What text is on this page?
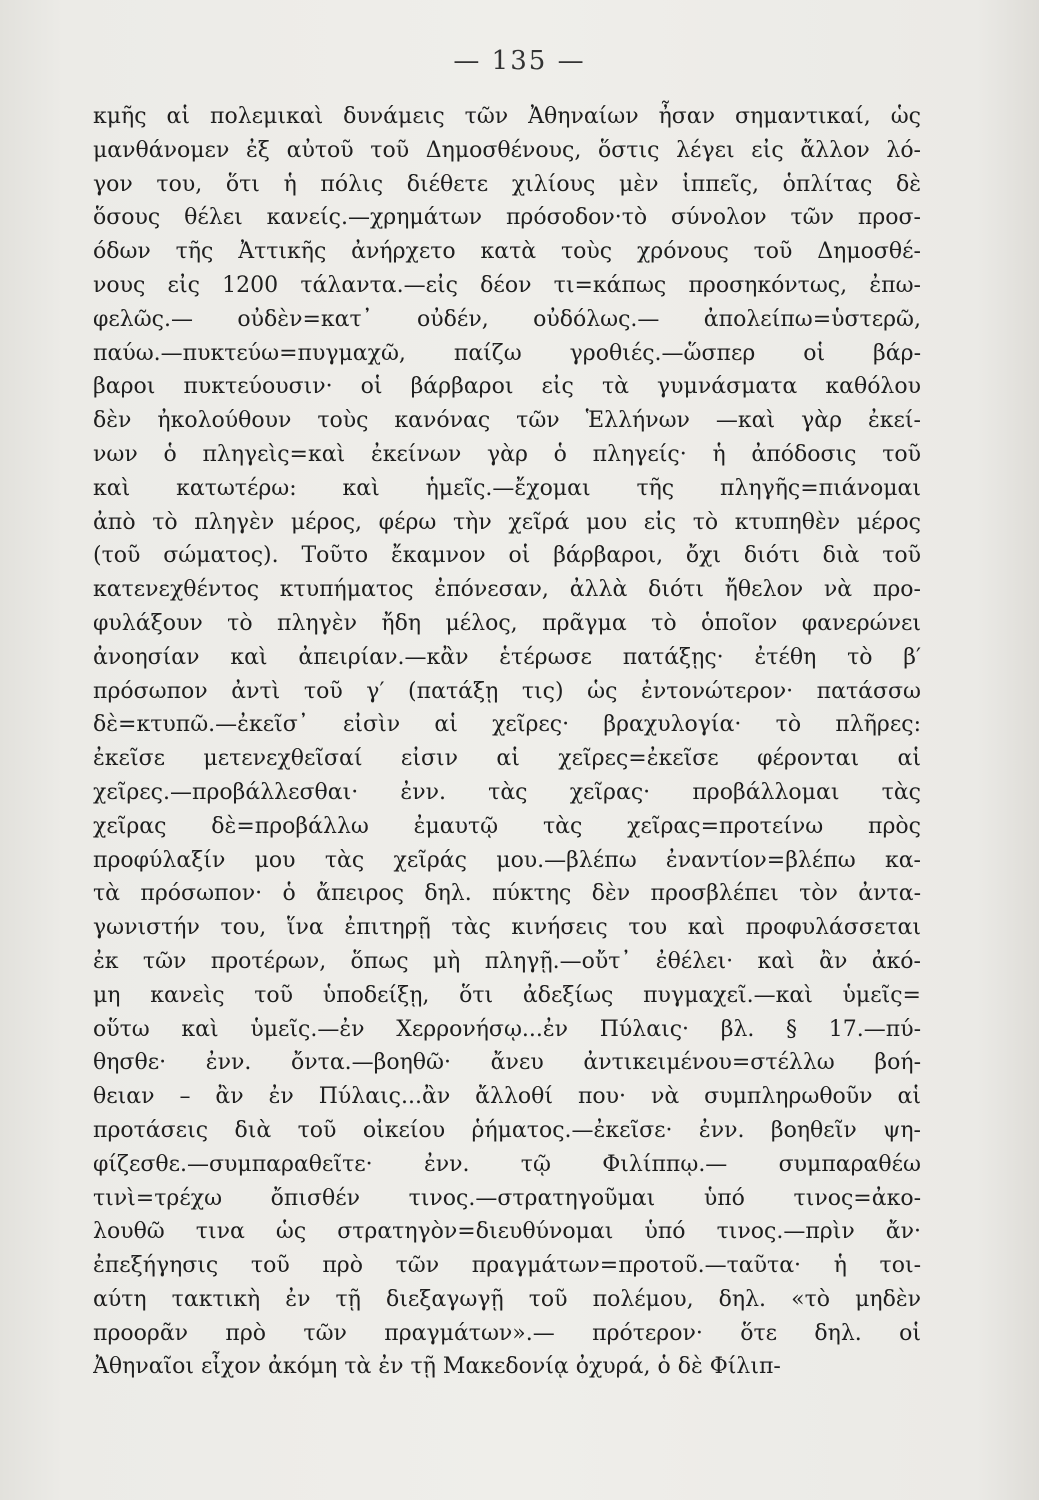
— 135 —
κμῆς αἱ πολεμικαὶ δυνάμεις τῶν Ἀθηναίων ἦσαν σημαντικαί, ὡς
μανθάνομεν ἐξ αὐτοῦ τοῦ Δημοσθένους, ὅστις λέγει εἰς ἄλλον λό-
γον του, ὅτι ἡ πόλις διέθετε χιλίους μὲν ἱππεῖς, ὁπλίτας δὲ
ὅσους θέλει κανείς.—χρημάτων πρόσοδον·τὸ σύνολον τῶν προσ-
όδων τῆς Ἀττικῆς ἀνήρχετο κατὰ τοὺς χρόνους τοῦ Δημοσθέ-
νους εἰς 1200 τάλαντα.—εἰς δέον τι=κάπως προσηκόντως, ἐπω-
φελῶς.— οὐδὲν=κατ᾽ οὐδέν, οὐδόλως.— ἀπολείπω=ὑστερῶ,
παύω.—πυκτεύω=πυγμαχῶ, παίζω γροθιές.—ὥσπερ οἱ βάρ-
βαροι πυκτεύουσιν· οἱ βάρβαροι εἰς τὰ γυμνάσματα καθόλου
δὲν ἠκολούθουν τοὺς κανόνας τῶν Ἑλλήνων —καὶ γὰρ ἐκεί-
νων ὁ πληγεὶς=καὶ ἐκείνων γὰρ ὁ πληγείς· ἡ ἀπόδοσις τοῦ
καὶ κατωτέρω: καὶ ἡμεῖς.—ἔχομαι τῆς πληγῆς=πιάνομαι
ἀπὸ τὸ πληγὲν μέρος, φέρω τὴν χεῖρά μου εἰς τὸ κτυπηθὲν μέρος
(τοῦ σώματος). Τοῦτο ἔκαμνον οἱ βάρβαροι, ὄχι διότι διὰ τοῦ
κατενεχθέντος κτυπήματος ἐπόνεσαν, ἀλλὰ διότι ἤθελον νὰ προ-
φυλάξουν τὸ πληγὲν ἤδη μέλος, πρᾶγμα τὸ ὁποῖον φανερώνει
ἀνοησίαν καὶ ἀπειρίαν.—κἂν ἑτέρωσε πατάξῃς· ἐτέθη τὸ β′
πρόσωπον ἀντὶ τοῦ γ′ (πατάξῃ τις) ὡς ἐντονώτερον· πατάσσω
δὲ=κτυπῶ.—ἐκεῖσ᾽ εἰσὶν αἱ χεῖρες· βραχυλογία· τὸ πλῆρες:
ἐκεῖσε μετενεχθεῖσαί εἰσιν αἱ χεῖρες=ἐκεῖσε φέρονται αἱ
χεῖρες.—προβάλλεσθαι· ἐνν. τὰς χεῖρας· προβάλλομαι τὰς
χεῖρας δὲ=προβάλλω ἐμαυτῷ τὰς χεῖρας=προτείνω πρὸς
προφύλαξίν μου τὰς χεῖράς μου.—βλέπω ἐναντίον=βλέπω κα-
τὰ πρόσωπον· ὁ ἄπειρος δηλ. πύκτης δὲν προσβλέπει τὸν ἀντα-
γωνιστήν του, ἵνα ἐπιτηρῇ τὰς κινήσεις του καὶ προφυλάσσεται
ἐκ τῶν προτέρων, ὅπως μὴ πληγῇ.—οὔτ᾽ ἐθέλει· καὶ ἂν ἀκό-
μη κανεὶς τοῦ ὑποδείξῃ, ὅτι ἀδεξίως πυγμαχεῖ.—καὶ ὑμεῖς=
οὕτω καὶ ὑμεῖς.—ἐν Χερρονήσῳ...ἐν Πύλαις· βλ. § 17.—πύ-
θησθε· ἐνν. ὄντα.—βοηθῶ· ἄνευ ἀντικειμένου=στέλλω βοή-
θειαν – ἂν ἐν Πύλαις...ἂν ἄλλοθί που· νὰ συμπληρωθοῦν αἱ
προτάσεις διὰ τοῦ οἰκείου ῥήματος.—ἐκεῖσε· ἐνν. βοηθεῖν ψη-
φίζεσθε.—συμπαραθεῖτε· ἐνν. τῷ Φιλίππῳ.— συμπαραθέω
τινὶ=τρέχω ὄπισθέν τινος.—στρατηγοῦμαι ὑπό τινος=ἀκο-
λουθῶ τινα ὡς στρατηγὸν=διευθύνομαι ὑπό τινος.—πρὶν ἄν·
ἐπεξήγησις τοῦ πρὸ τῶν πραγμάτων=προτοῦ.—ταῦτα· ἡ τοι-
αύτη τακτικὴ ἐν τῇ διεξαγωγῇ τοῦ πολέμου, δηλ. «τὸ μηδὲν
προορᾶν πρὸ τῶν πραγμάτων».— πρότερον· ὅτε δηλ. οἱ
Ἀθηναῖοι εἶχον ἀκόμη τὰ ἐν τῇ Μακεδονίᾳ ὀχυρά, ὁ δὲ Φίλιπ-
